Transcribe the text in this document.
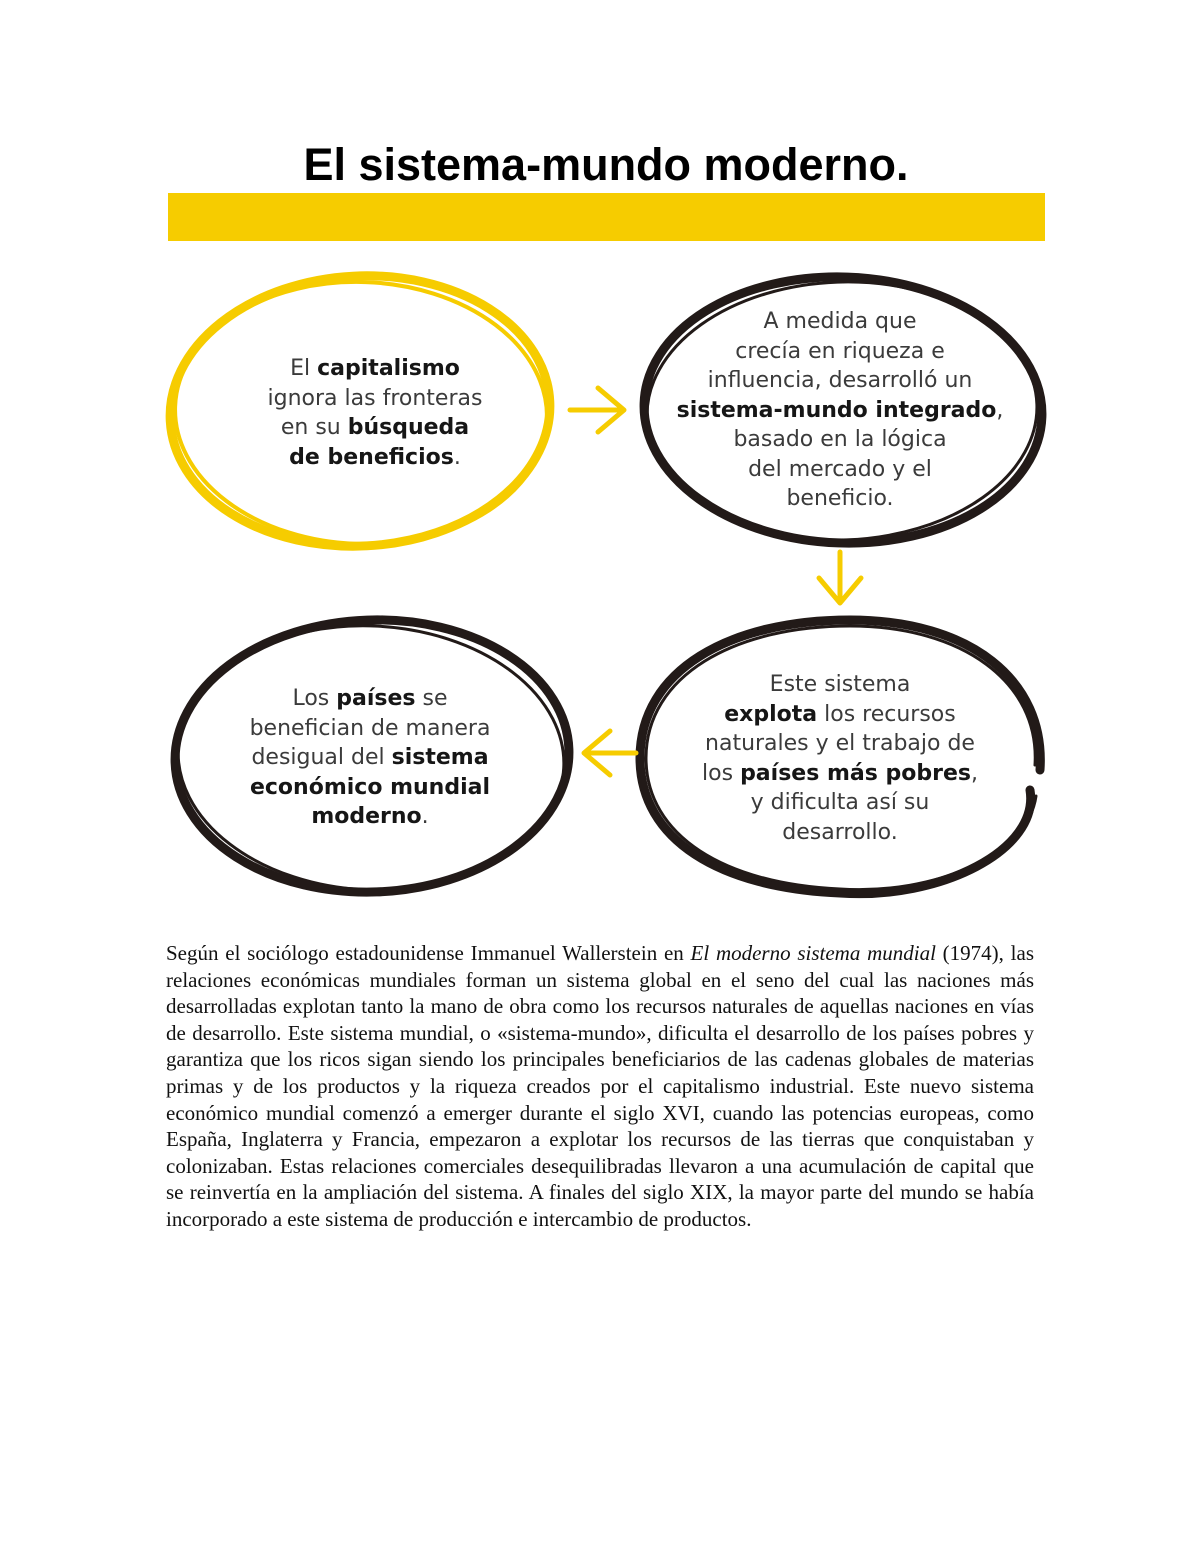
El sistema-mundo moderno.
El capitalismo
ignora las fronteras
en su búsqueda
de beneficios.
A medida que
crecía en riqueza e
influencia, desarrolló un
sistema-mundo integrado,
basado en la lógica
del mercado y el
beneficio.
Este sistema
explota los recursos
naturales y el trabajo de
los países más pobres,
y dificulta así su
desarrollo.
Los países se
benefician de manera
desigual del sistema
económico mundial
moderno.

Según el sociólogo estadounidense Immanuel Wallerstein en El moderno sistema mundial (1974), las relaciones económicas mundiales forman un sistema global en el seno del cual las naciones más desarrolladas explotan tanto la mano de obra como los recursos naturales de aquellas naciones en vías de desarrollo. Este sistema mundial, o «sistema-mundo», dificulta el desarrollo de los países pobres y garantiza que los ricos sigan siendo los principales beneficiarios de las cadenas globales de materias primas y de los productos y la riqueza creados por el capitalismo industrial. Este nuevo sistema económico mundial comenzó a emerger durante el siglo XVI, cuando las potencias europeas, como España, Inglaterra y Francia, empezaron a explotar los recursos de las tierras que conquistaban y colonizaban. Estas relaciones comerciales desequilibradas llevaron a una acumulación de capital que se reinvertía en la ampliación del sistema. A finales del siglo XIX, la mayor parte del mundo se había incorporado a este sistema de producción e intercambio de productos.
